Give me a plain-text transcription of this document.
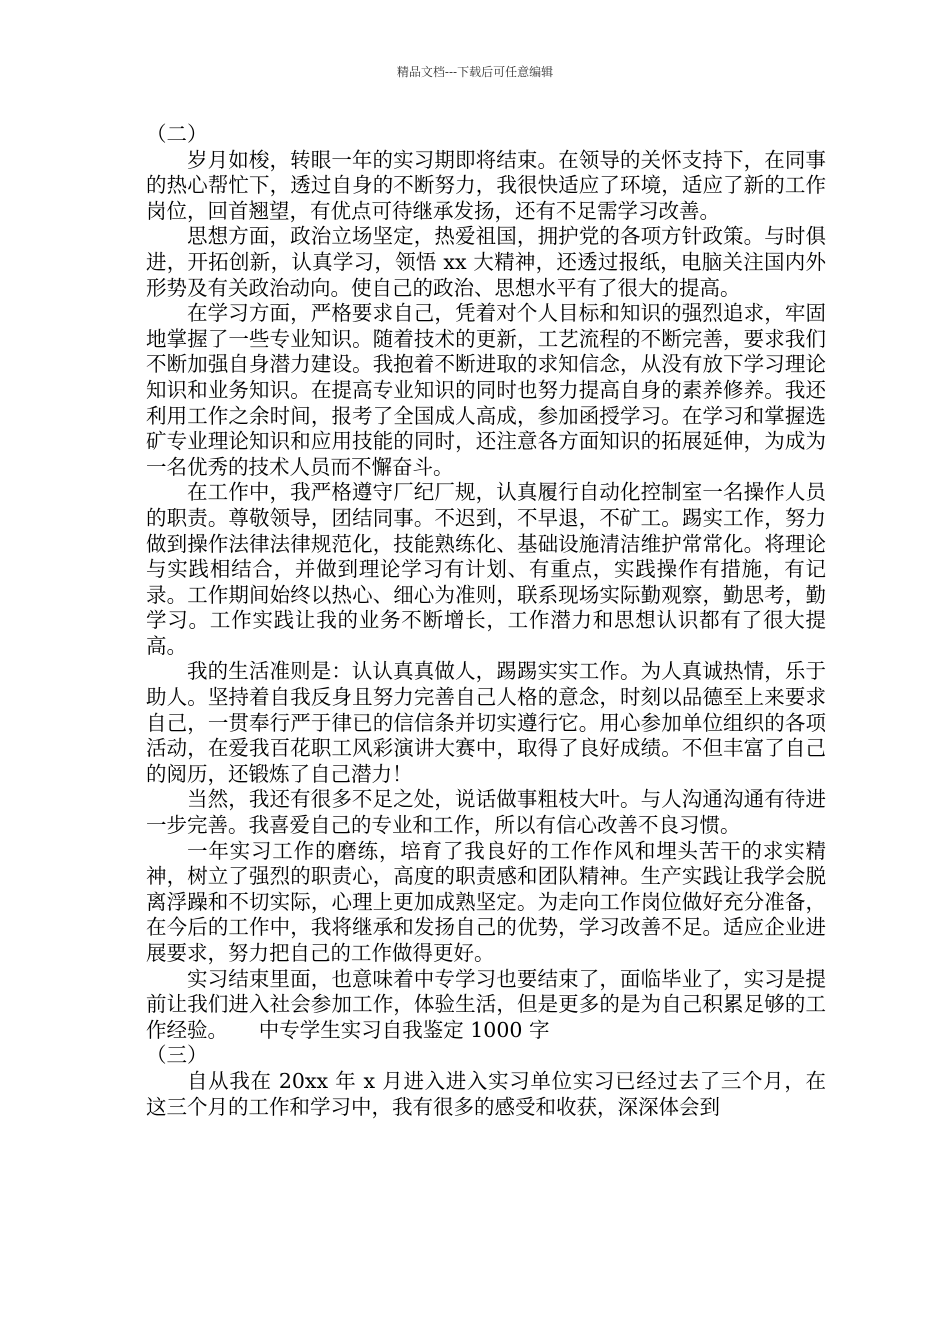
精品文档---下载后可任意编辑

（二）

岁月如梭，转眼一年的实习期即将结束。在领导的关怀支持下，在同事的热心帮忙下，透过自身的不断努力，我很快适应了环境，适应了新的工作岗位，回首翘望，有优点可待继承发扬，还有不足需学习改善。

思想方面，政治立场坚定，热爱祖国，拥护党的各项方针政策。与时俱进，开拓创新，认真学习，领悟 xx 大精神，还透过报纸，电脑关注国内外形势及有关政治动向。使自己的政治、思想水平有了很大的提高。

在学习方面，严格要求自己，凭着对个人目标和知识的强烈追求，牢固地掌握了一些专业知识。随着技术的更新，工艺流程的不断完善，要求我们不断加强自身潜力建设。我抱着不断进取的求知信念，从没有放下学习理论知识和业务知识。在提高专业知识的同时也努力提高自身的素养修养。我还利用工作之余时间，报考了全国成人高成，参加函授学习。在学习和掌握选矿专业理论知识和应用技能的同时，还注意各方面知识的拓展延伸，为成为一名优秀的技术人员而不懈奋斗。

在工作中，我严格遵守厂纪厂规，认真履行自动化控制室一名操作人员的职责。尊敬领导，团结同事。不迟到，不早退，不矿工。踢实工作，努力做到操作法律法律规范化，技能熟练化、基础设施清洁维护常常化。将理论与实践相结合，并做到理论学习有计划、有重点，实践操作有措施，有记录。工作期间始终以热心、细心为准则，联系现场实际勤观察，勤思考，勤学习。工作实践让我的业务不断增长，工作潜力和思想认识都有了很大提高。

我的生活准则是：认认真真做人，踢踢实实工作。为人真诚热情，乐于助人。坚持着自我反身且努力完善自己人格的意念，时刻以品德至上来要求自己，一贯奉行严于律已的信信条并切实遵行它。用心参加单位组织的各项活动，在爱我百花职工风彩演讲大赛中，取得了良好成绩。不但丰富了自己的阅历，还锻炼了自己潜力！

当然，我还有很多不足之处，说话做事粗枝大叶。与人沟通沟通有待进一步完善。我喜爱自己的专业和工作，所以有信心改善不良习惯。

一年实习工作的磨练，培育了我良好的工作作风和埋头苦干的求实精神，树立了强烈的职责心，高度的职责感和团队精神。生产实践让我学会脱离浮躁和不切实际，心理上更加成熟坚定。为走向工作岗位做好充分准备，在今后的工作中，我将继承和发扬自己的优势，学习改善不足。适应企业进展要求，努力把自己的工作做得更好。

实习结束里面，也意味着中专学习也要结束了，面临毕业了，实习是提前让我们进入社会参加工作，体验生活，但是更多的是为自己积累足够的工作经验。　　中专学生实习自我鉴定 1000 字

（三）

自从我在 20xx 年 x 月进入进入实习单位实习已经过去了三个月，在这三个月的工作和学习中，我有很多的感受和收获，深深体会到
